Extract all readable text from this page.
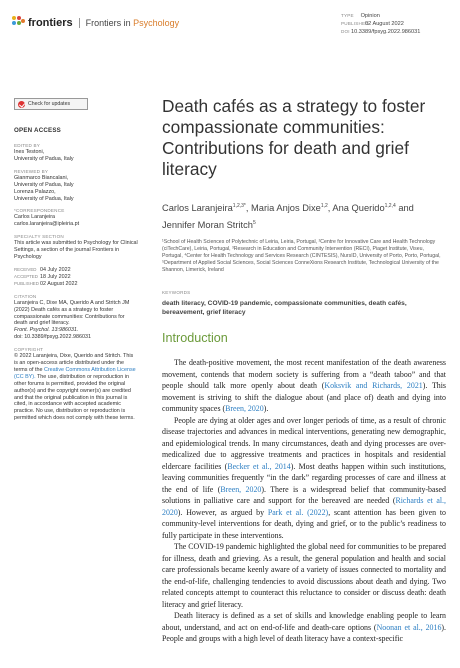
frontiers Frontiers in Psychology
TYPE Opinion
PUBLISHED02 August 2022
DOI10.3389/fpsyg.2022.986031
Check for updates
OPEN ACCESS
EDITED BY
Ines Testoni,
University of Padua, Italy
REVIEWED BY
Gianmarco Biancalani,
University of Padua, Italy
Lorenza Palazzo,
University of Padua, Italy
*CORRESPONDENCE
Carlos Laranjeira
carlos.laranjeira@ipleiria.pt
SPECIALTY SECTION
This article was submitted to Psychology for Clinical Settings, a section of the journal Frontiers in Psychology
RECEIVED 04 July 2022
ACCEPTED 18 July 2022
PUBLISHED02 August 2022
CITATION
Laranjeira C, Dixe MA, Querido A and Stritch JM (2022) Death cafés as a strategy to foster compassionate communities: Contributions for death and grief literacy.
Front. Psychol. 13:986031.
doi: 10.3389/fpsyg.2022.986031
COPYRIGHT
© 2022 Laranjeira, Dixe, Querido and Stritch. This is an open-access article distributed under the terms of the Creative Commons Attribution License (CC BY). The use, distribution or reproduction in other forums is permitted, provided the original author(s) and the copyright owner(s) are credited and that the original publication in this journal is cited, in accordance with accepted academic practice. No use, distribution or reproduction is permitted which does not comply with these terms.
Death cafés as a strategy to foster compassionate communities: Contributions for death and grief literacy
Carlos Laranjeira$^{1,2,3*}$, Maria Anjos Dixe$^{1,2}$, Ana Querido$^{1,2,4}$ and Jennifer Moran Stritch$^5$
¹School of Health Sciences of Polytechnic of Leiria, Leiria, Portugal, ²Centre for Innovative Care and Health Technology (ciTechCare), Leiria, Portugal, ³Research in Education and Community Intervention (RECI), Piaget Institute, Viseu, Portugal, ⁴Center for Health Technology and Services Research (CINTESIS), NursID, University of Porto, Porto, Portugal, ⁵Department of Applied Social Sciences, Social Sciences ConneXions Research Institute, Technological University of the Shannon, Limerick, Ireland
KEYWORDS
death literacy, COVID-19 pandemic, compassionate communities, death cafés, bereavement, grief literacy
Introduction

The death-positive movement, the most recent manifestation of the death awareness movement, contends that modern society is suffering from a “death taboo” and that people should talk more openly about death (Koksvik and Richards, 2021). This movement is striving to shift the dialogue about (and place of) death and dying into community spaces (Breen, 2020).

People are dying at older ages and over longer periods of time, as a result of chronic disease trajectories and advances in medical interventions, generating new demographic, and epidemiological trends. In many circumstances, death and dying processes are over-medicalized due to aggressive treatments and practices in hospitals and residential eldercare facilities (Becker et al., 2014). Most deaths happen within such institutions, leaving communities frequently “in the dark” regarding processes of care and illness at the end of life (Breen, 2020). There is a widespread belief that community-based solutions in palliative care and support for the bereaved are needed (Richards et al., 2020). However, as argued by Park et al. (2022), scant attention has been given to community-level interventions for death, dying and grief, or to the public’s readiness to fully participate in these interventions.

The COVID-19 pandemic highlighted the global need for communities to be prepared for illness, death and grieving. As a result, the general population and health and social care professionals became keenly aware of a variety of issues connected to mortality and the end-of-life, challenging tendencies to avoid discussions about death and dying. Two related concepts attempt to counteract this reluctance to consider or discuss death: death literacy and grief literacy.

Death literacy is defined as a set of skills and knowledge enabling people to learn about, understand, and act on end-of-life and death-care options (Noonan et al., 2016). People and groups with a high level of death literacy have a context-specific
